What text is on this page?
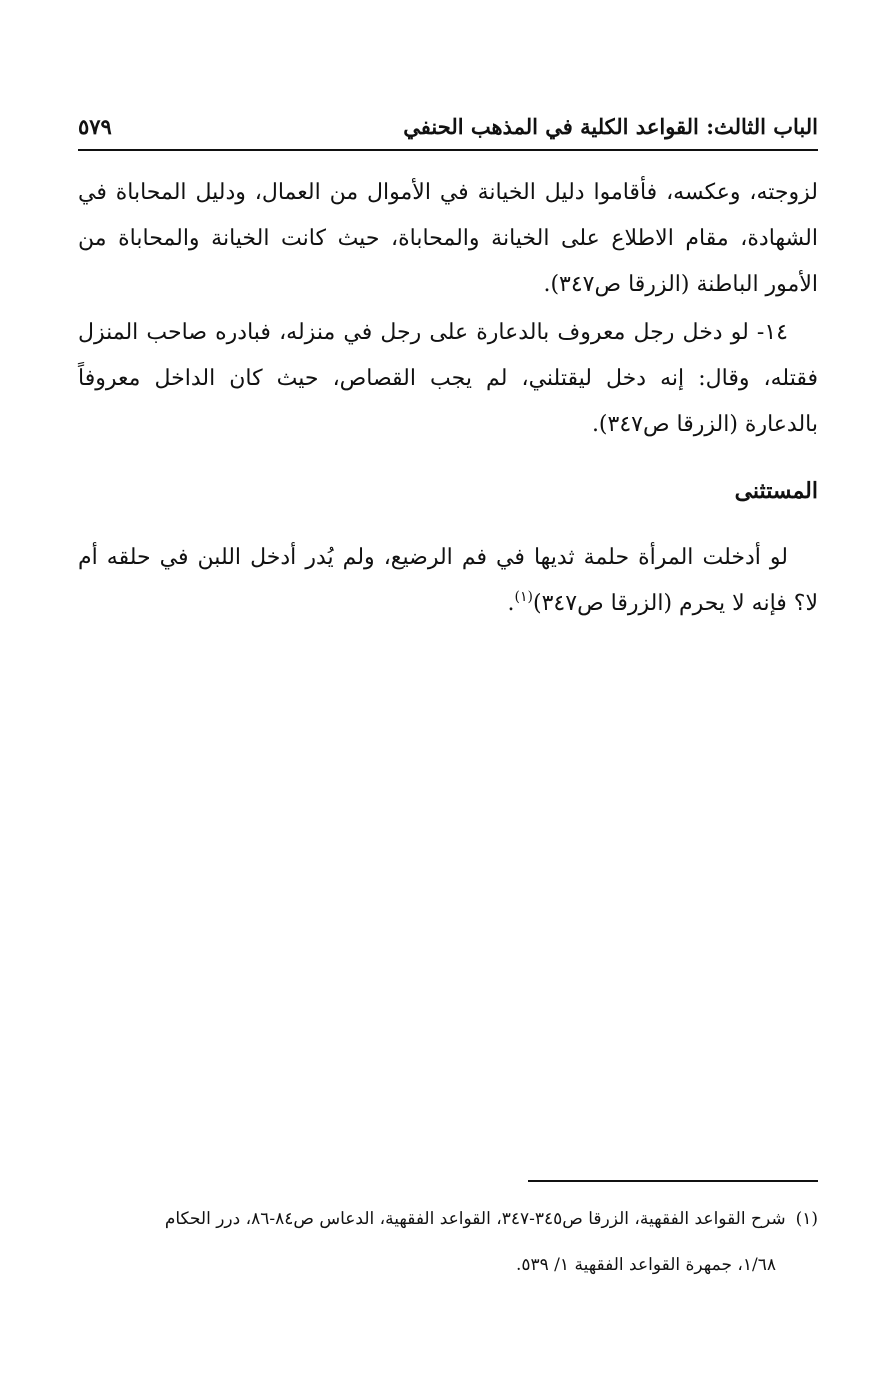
الباب الثالث: القواعد الكلية في المذهب الحنفي
٥٧٩
لزوجته، وعكسه، فأقاموا دليل الخيانة في الأموال من العمال، ودليل المحاباة في الشهادة، مقام الاطلاع على الخيانة والمحاباة، حيث كانت الخيانة والمحاباة من الأمور الباطنة (الزرقا ص٣٤٧).
١٤- لو دخل رجل معروف بالدعارة على رجل في منزله، فبادره صاحب المنزل فقتله، وقال: إنه دخل ليقتلني، لم يجب القصاص، حيث كان الداخل معروفاً بالدعارة (الزرقا ص٣٤٧).
المستثنى
لو أدخلت المرأة حلمة ثديها في فم الرضيع، ولم يُدر أدخل اللبن في حلقه أم لا؟ فإنه لا يحرم (الزرقا ص٣٤٧)$^{(١)}$.
(١)شرح القواعد الفقهية، الزرقا ص٣٤٥-٣٤٧، القواعد الفقهية، الدعاس ص٨٤-٨٦، درر الحكام
١/٦٨، جمهرة القواعد الفقهية ١/ ٥٣٩.
